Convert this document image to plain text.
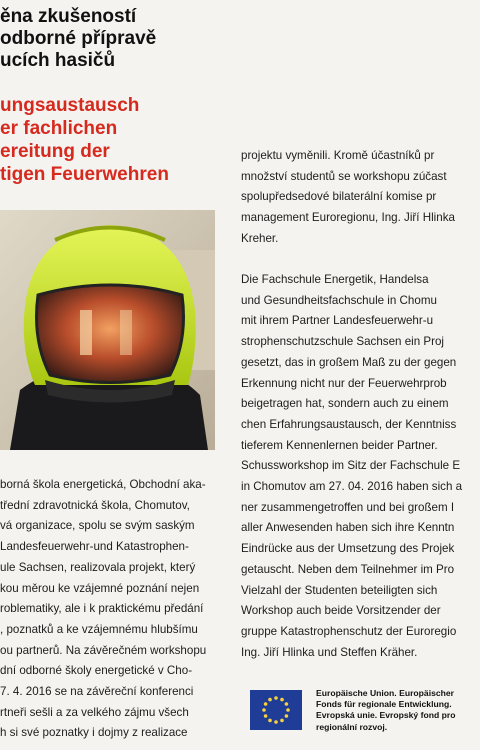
ěna zkušeností
odborné přípravě
ucích hasičů
ungsaustausch
er fachlichen
ereitung der
tigen Feuerwehren
borná škola energetická, Obchodní aka-
třední zdravotnická škola, Chomutov,
vá organizace, spolu se svým saským
Landesfeuerwehr-und Katastrophen-
ule Sachsen, realizovala projekt, který
kou měrou ke vzájemné poznání nejen
roblematiky, ale i k praktickému předání
, poznatků a ke vzájemnému hlubšímu
ou partnerů. Na závěrečném workshopu
dní odborné školy energetické v Cho-
7. 4. 2016 se na závěreční konferenci
rtneři sešli a za velkého zájmu všech
h si své poznatky i dojmy z realizace
projektu vyměnili. Kromě účastníků pr
množství studentů se workshopu zúčast
spolupředsedové bilaterální komise pr
management Euroregionu, Ing. Jiří Hlinka
Kreher.
Die Fachschule Energetik, Handelsa
und Gesundheitsfachschule in Chomu
mit ihrem Partner Landesfeuerwehr-u
strophenschutzschule Sachsen ein Proj
gesetzt, das in großem Maß zu der gegen
Erkennung nicht nur der Feuerwehrprob
beigetragen hat, sondern auch zu einem
chen Erfahrungsaustausch, der Kenntniss
tieferem Kennenlernen beider Partner.
Schussworkshop im Sitz der Fachschule E
in Chomutov am 27. 04. 2016 haben sich a
ner zusammengetroffen und bei großem I
aller Anwesenden haben sich ihre Kenntn
Eindrücke aus der Umsetzung des Projek
getauscht. Neben dem Teilnehmer im Pro
Vielzahl der Studenten beteiligten sich
Workshop auch beide Vorsitzender der
gruppe Katastrophenschutz der Euroregio
Ing. Jiří Hlinka und Steffen Kräher.
Europäische Union. Europäischer
Fonds für regionale Entwicklung.
Evropská unie. Evropský fond pro
regionální rozvoj.
